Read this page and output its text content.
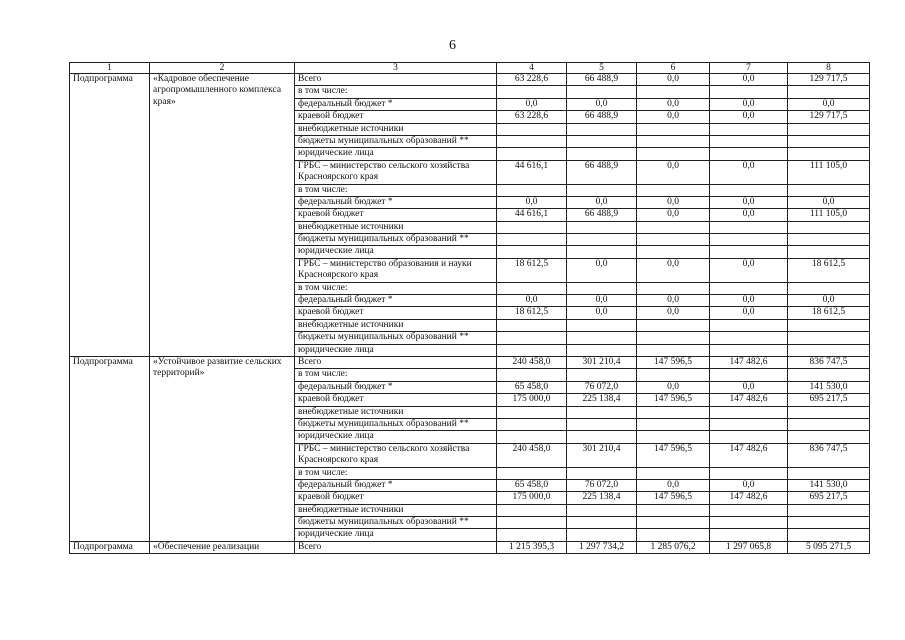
6
1	2	3	4	5	6	7	8
Подпрограмма	«Кадровое обеспечение агропромышленного комплекса края»	Всего	63 228,6	66 488,9	0,0	0,0	129 717,5
		в том числе:					
		федеральный бюджет *	0,0	0,0	0,0	0,0	0,0
		краевой бюджет	63 228,6	66 488,9	0,0	0,0	129 717,5
		внебюджетные источники					
		бюджеты муниципальных образований **					
		юридические лица					
		ГРБС – министерство сельского хозяйства Красноярского края	44 616,1	66 488,9	0,0	0,0	111 105,0
		в том числе:					
		федеральный бюджет *	0,0	0,0	0,0	0,0	0,0
		краевой бюджет	44 616,1	66 488,9	0,0	0,0	111 105,0
		внебюджетные источники					
		бюджеты муниципальных образований **					
		юридические лица					
		ГРБС – министерство образования и науки Красноярского края	18 612,5	0,0	0,0	0,0	18 612,5
		в том числе:					
		федеральный бюджет *	0,0	0,0	0,0	0,0	0,0
		краевой бюджет	18 612,5	0,0	0,0	0,0	18 612,5
		внебюджетные источники					
		бюджеты муниципальных образований **					
		юридические лица					
Подпрограмма	«Устойчивое развитие сельских территорий»	Всего	240 458,0	301 210,4	147 596,5	147 482,6	836 747,5
		в том числе:					
		федеральный бюджет *	65 458,0	76 072,0	0,0	0,0	141 530,0
		краевой бюджет	175 000,0	225 138,4	147 596,5	147 482,6	695 217,5
		внебюджетные источники					
		бюджеты муниципальных образований **					
		юридические лица					
		ГРБС – министерство сельского хозяйства Красноярского края	240 458,0	301 210,4	147 596,5	147 482,6	836 747,5
		в том числе:					
		федеральный бюджет *	65 458,0	76 072,0	0,0	0,0	141 530,0
		краевой бюджет	175 000,0	225 138,4	147 596,5	147 482,6	695 217,5
		внебюджетные источники					
		бюджеты муниципальных образований **					
		юридические лица					
Подпрограмма	«Обеспечение реализации	Всего	1 215 395,3	1 297 734,2	1 285 076,2	1 297 065,8	5 095 271,5
